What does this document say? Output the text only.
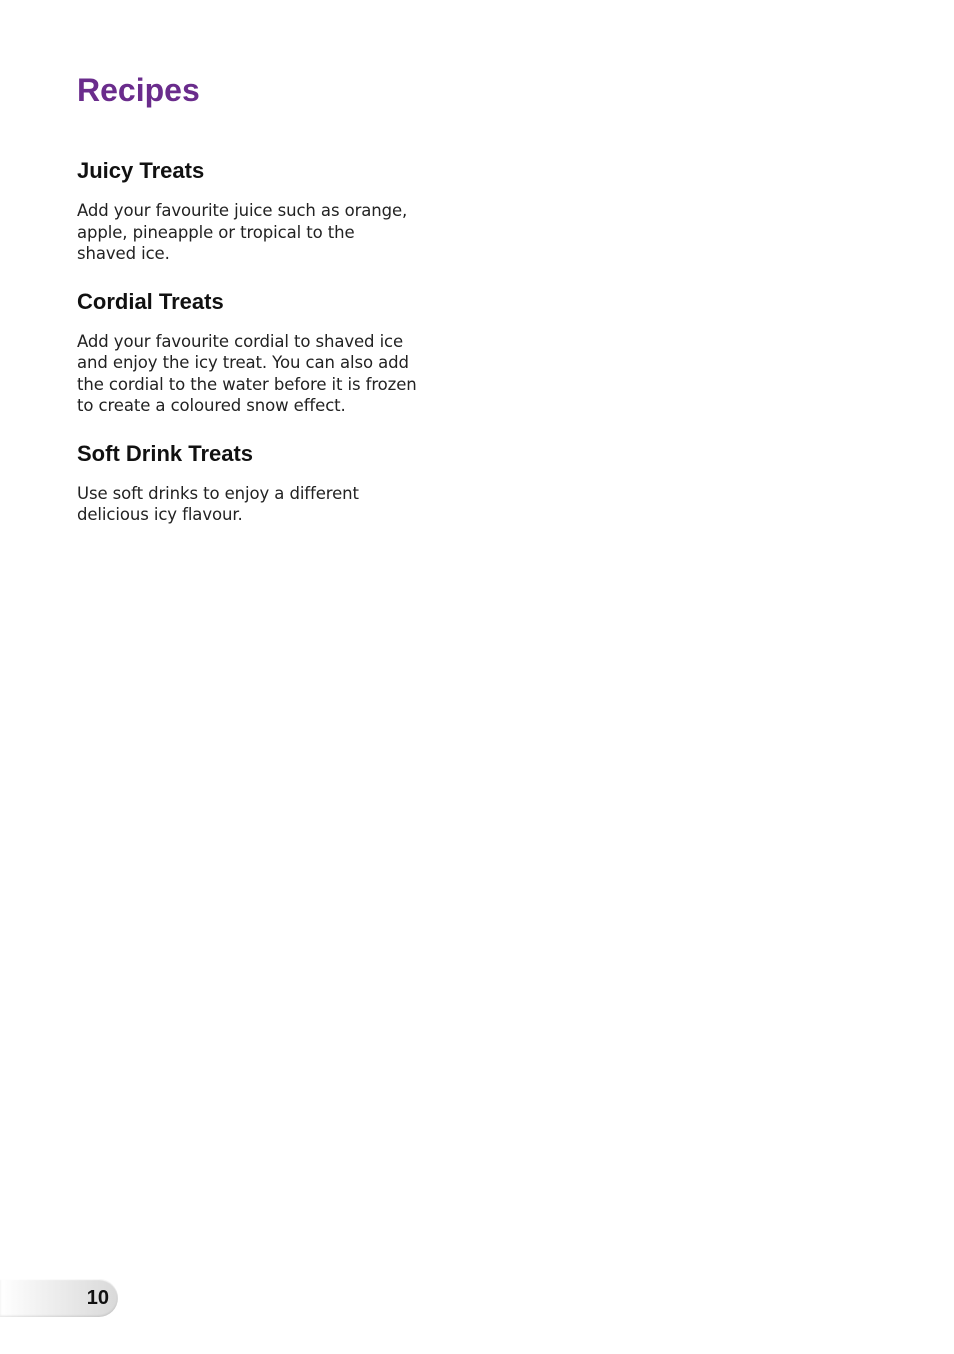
Recipes
Juicy Treats

Add your favourite juice such as orange,
apple, pineapple or tropical to the
shaved ice.

Cordial Treats

Add your favourite cordial to shaved ice
and enjoy the icy treat. You can also add
the cordial to the water before it is frozen
to create a coloured snow effect.

Soft Drink Treats

Use soft drinks to enjoy a different
delicious icy flavour.

10
